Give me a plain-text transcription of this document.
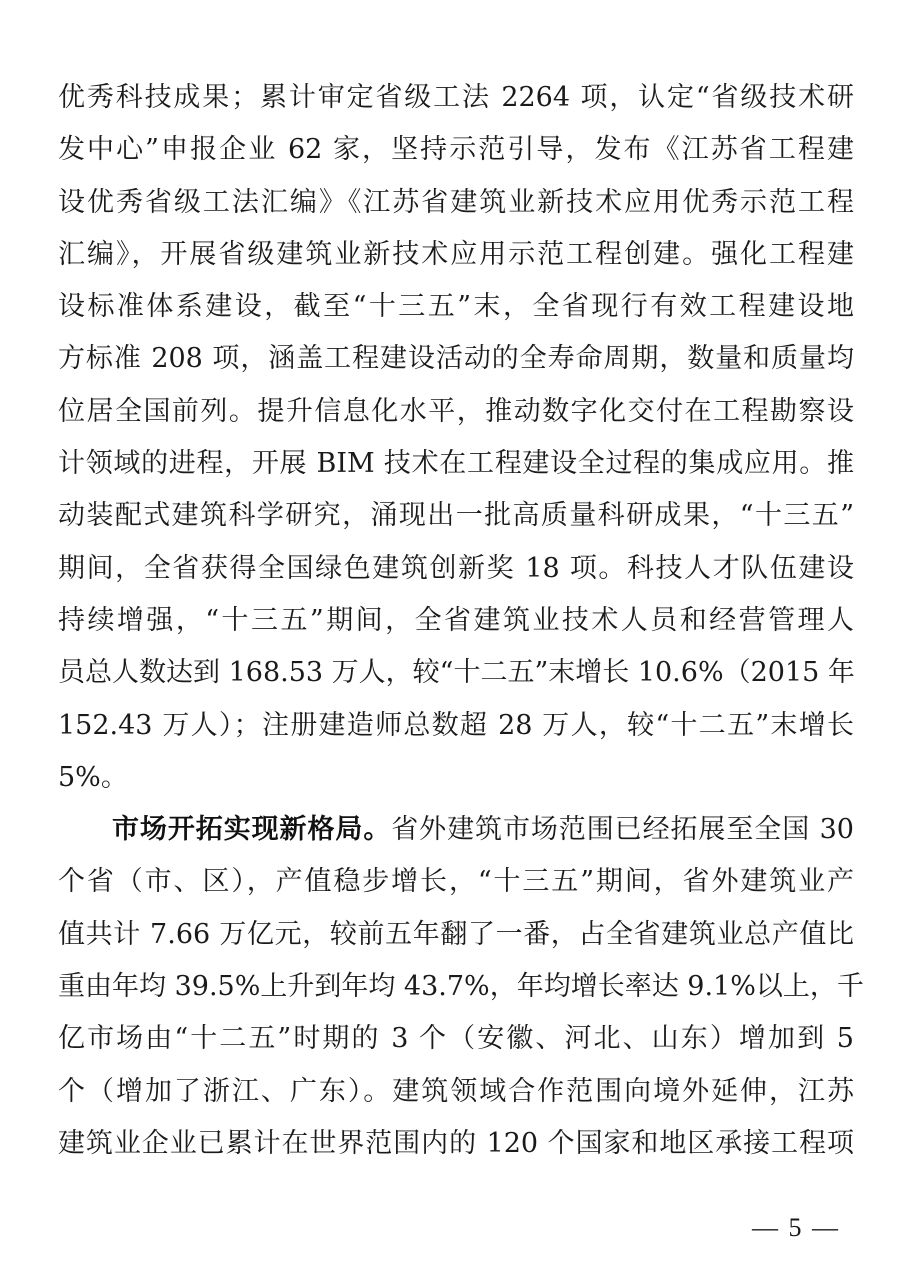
优秀科技成果；累计审定省级工法 2264 项，认定“省级技术研
发中心”申报企业 62 家，坚持示范引导，发布《江苏省工程建
设优秀省级工法汇编》《江苏省建筑业新技术应用优秀示范工程
汇编》，开展省级建筑业新技术应用示范工程创建。强化工程建
设标准体系建设，截至“十三五”末，全省现行有效工程建设地
方标准 208 项，涵盖工程建设活动的全寿命周期，数量和质量均
位居全国前列。提升信息化水平，推动数字化交付在工程勘察设
计领域的进程，开展 BIM 技术在工程建设全过程的集成应用。推
动装配式建筑科学研究，涌现出一批高质量科研成果，“十三五”
期间，全省获得全国绿色建筑创新奖 18 项。科技人才队伍建设
持续增强，“十三五”期间，全省建筑业技术人员和经营管理人
员总人数达到 168.53 万人，较“十二五”末增长 10.6%（2015 年
152.43 万人）；注册建造师总数超 28 万人，较“十二五”末增长
5%。
市场开拓实现新格局。省外建筑市场范围已经拓展至全国 30
个省（市、区），产值稳步增长，“十三五”期间，省外建筑业产
值共计 7.66 万亿元，较前五年翻了一番，占全省建筑业总产值比
重由年均 39.5%上升到年均 43.7%，年均增长率达 9.1%以上，千
亿市场由“十二五”时期的 3 个（安徽、河北、山东）增加到 5
个（增加了浙江、广东）。建筑领域合作范围向境外延伸，江苏
建筑业企业已累计在世界范围内的 120 个国家和地区承接工程项
— 5 —
